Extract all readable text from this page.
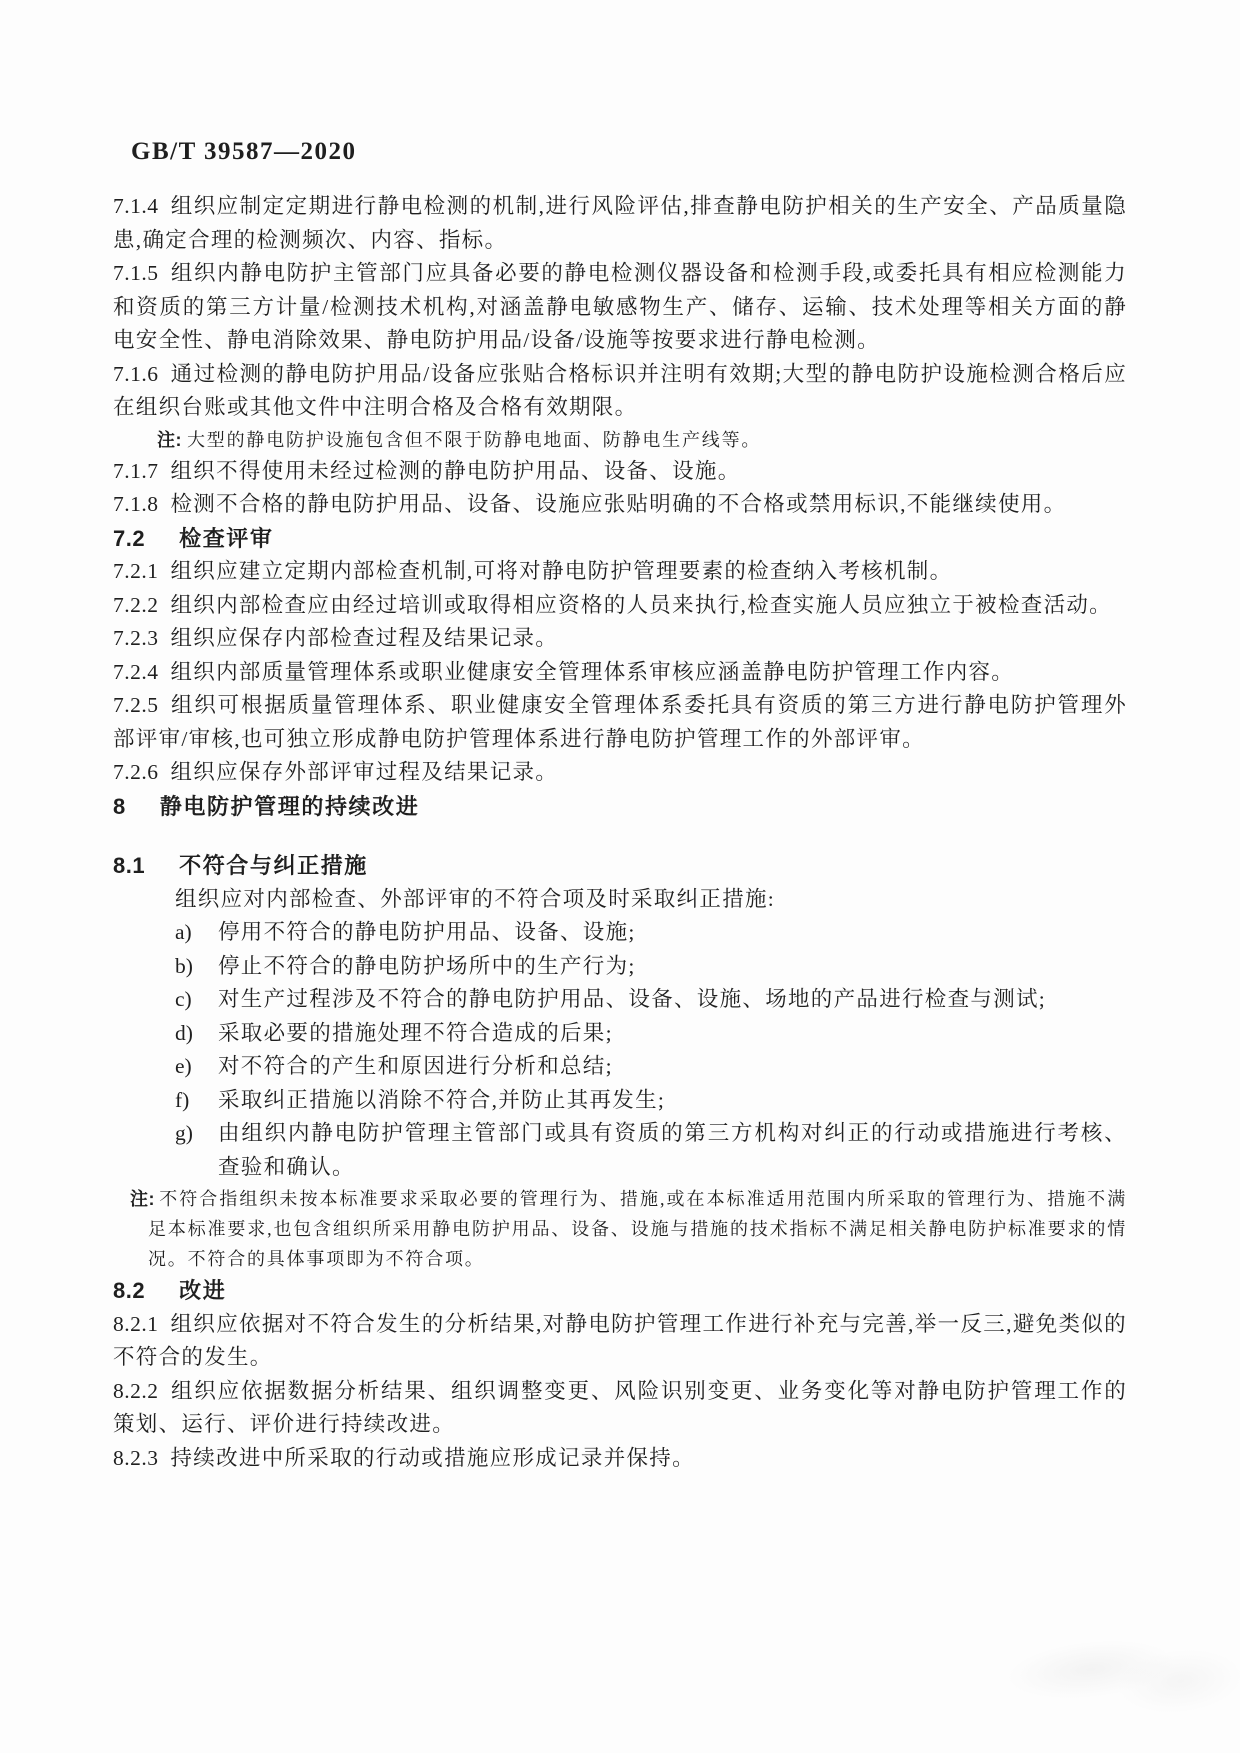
GB/T 39587—2020

7.1.4 组织应制定定期进行静电检测的机制,进行风险评估,排查静电防护相关的生产安全、产品质量隐患,确定合理的检测频次、内容、指标。

7.1.5 组织内静电防护主管部门应具备必要的静电检测仪器设备和检测手段,或委托具有相应检测能力和资质的第三方计量/检测技术机构,对涵盖静电敏感物生产、储存、运输、技术处理等相关方面的静电安全性、静电消除效果、静电防护用品/设备/设施等按要求进行静电检测。

7.1.6 通过检测的静电防护用品/设备应张贴合格标识并注明有效期;大型的静电防护设施检测合格后应在组织台账或其他文件中注明合格及合格有效期限。

注: 大型的静电防护设施包含但不限于防静电地面、防静电生产线等。

7.1.7 组织不得使用未经过检测的静电防护用品、设备、设施。

7.1.8 检测不合格的静电防护用品、设备、设施应张贴明确的不合格或禁用标识,不能继续使用。

7.2 检查评审

7.2.1 组织应建立定期内部检查机制,可将对静电防护管理要素的检查纳入考核机制。

7.2.2 组织内部检查应由经过培训或取得相应资格的人员来执行,检查实施人员应独立于被检查活动。

7.2.3 组织应保存内部检查过程及结果记录。

7.2.4 组织内部质量管理体系或职业健康安全管理体系审核应涵盖静电防护管理工作内容。

7.2.5 组织可根据质量管理体系、职业健康安全管理体系委托具有资质的第三方进行静电防护管理外部评审/审核,也可独立形成静电防护管理体系进行静电防护管理工作的外部评审。

7.2.6 组织应保存外部评审过程及结果记录。

8 静电防护管理的持续改进

8.1 不符合与纠正措施

组织应对内部检查、外部评审的不符合项及时采取纠正措施:

a) 停用不符合的静电防护用品、设备、设施;

b) 停止不符合的静电防护场所中的生产行为;

c) 对生产过程涉及不符合的静电防护用品、设备、设施、场地的产品进行检查与测试;

d) 采取必要的措施处理不符合造成的后果;

e) 对不符合的产生和原因进行分析和总结;

f) 采取纠正措施以消除不符合,并防止其再发生;

g) 由组织内静电防护管理主管部门或具有资质的第三方机构对纠正的行动或措施进行考核、查验和确认。

注: 不符合指组织未按本标准要求采取必要的管理行为、措施,或在本标准适用范围内所采取的管理行为、措施不满足本标准要求,也包含组织所采用静电防护用品、设备、设施与措施的技术指标不满足相关静电防护标准要求的情况。不符合的具体事项即为不符合项。

8.2 改进

8.2.1 组织应依据对不符合发生的分析结果,对静电防护管理工作进行补充与完善,举一反三,避免类似的不符合的发生。

8.2.2 组织应依据数据分析结果、组织调整变更、风险识别变更、业务变化等对静电防护管理工作的策划、运行、评价进行持续改进。

8.2.3 持续改进中所采取的行动或措施应形成记录并保持。
